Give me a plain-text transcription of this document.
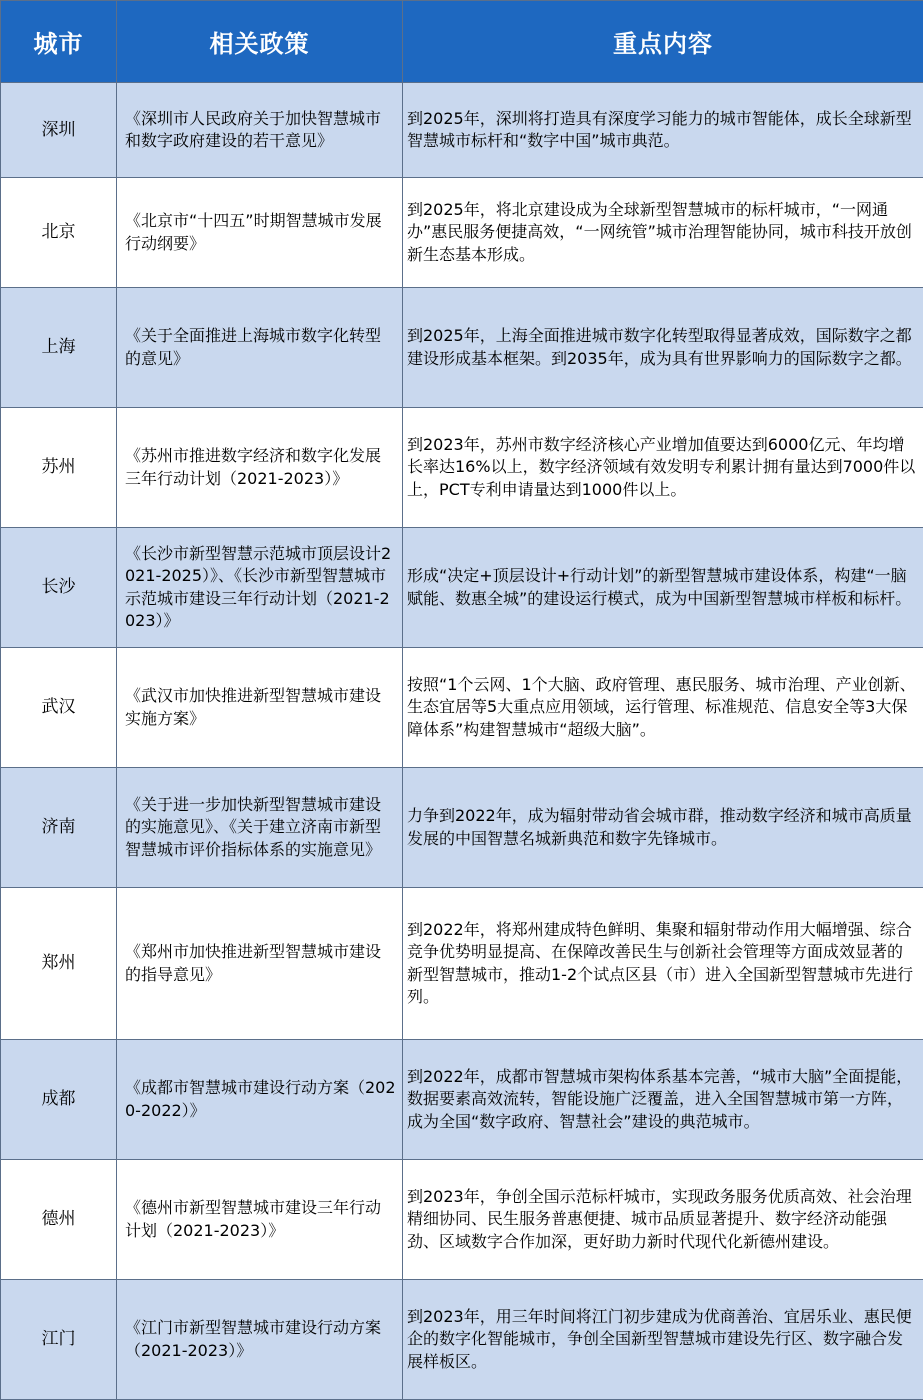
城市	相关政策	重点内容
深圳	《深圳市人民政府关于加快智慧城市和数字政府建设的若干意见》	到2025年，深圳将打造具有深度学习能力的城市智能体，成长全球新型智慧城市标杆和“数字中国”城市典范。
北京	《北京市“十四五”时期智慧城市发展行动纲要》	到2025年，将北京建设成为全球新型智慧城市的标杆城市，“一网通办”惠民服务便捷高效，“一网统管”城市治理智能协同，城市科技开放创新生态基本形成。
上海	《关于全面推进上海城市数字化转型的意见》	到2025年，上海全面推进城市数字化转型取得显著成效，国际数字之都建设形成基本框架。到2035年，成为具有世界影响力的国际数字之都。
苏州	《苏州市推进数字经济和数字化发展三年行动计划（2021-2023）》	到2023年，苏州市数字经济核心产业增加值要达到6000亿元、年均增长率达16%以上，数字经济领域有效发明专利累计拥有量达到7000件以上，PCT专利申请量达到1000件以上。
长沙	《长沙市新型智慧示范城市顶层设计2021-2025）》、《长沙市新型智慧城市示范城市建设三年行动计划（2021-2023）》	形成“决定+顶层设计+行动计划”的新型智慧城市建设体系，构建“一脑赋能、数惠全城”的建设运行模式，成为中国新型智慧城市样板和标杆。
武汉	《武汉市加快推进新型智慧城市建设实施方案》	按照“1个云网、1个大脑、政府管理、惠民服务、城市治理、产业创新、生态宜居等5大重点应用领域，运行管理、标准规范、信息安全等3大保障体系”构建智慧城市“超级大脑”。
济南	《关于进一步加快新型智慧城市建设的实施意见》、《关于建立济南市新型智慧城市评价指标体系的实施意见》	力争到2022年，成为辐射带动省会城市群，推动数字经济和城市高质量发展的中国智慧名城新典范和数字先锋城市。
郑州	《郑州市加快推进新型智慧城市建设的指导意见》	到2022年，将郑州建成特色鲜明、集聚和辐射带动作用大幅增强、综合竞争优势明显提高、在保障改善民生与创新社会管理等方面成效显著的新型智慧城市，推动1-2个试点区县（市）进入全国新型智慧城市先进行列。
成都	《成都市智慧城市建设行动方案（2020-2022）》	到2022年，成都市智慧城市架构体系基本完善，“城市大脑”全面提能，数据要素高效流转，智能设施广泛覆盖，进入全国智慧城市第一方阵，成为全国“数字政府、智慧社会”建设的典范城市。
德州	《德州市新型智慧城市建设三年行动计划（2021-2023）》	到2023年，争创全国示范标杆城市，实现政务服务优质高效、社会治理精细协同、民生服务普惠便捷、城市品质显著提升、数字经济动能强劲、区域数字合作加深，更好助力新时代现代化新德州建设。
江门	《江门市新型智慧城市建设行动方案（2021-2023）》	到2023年，用三年时间将江门初步建成为优商善治、宜居乐业、惠民便企的数字化智能城市，争创全国新型智慧城市建设先行区、数字融合发展样板区。
